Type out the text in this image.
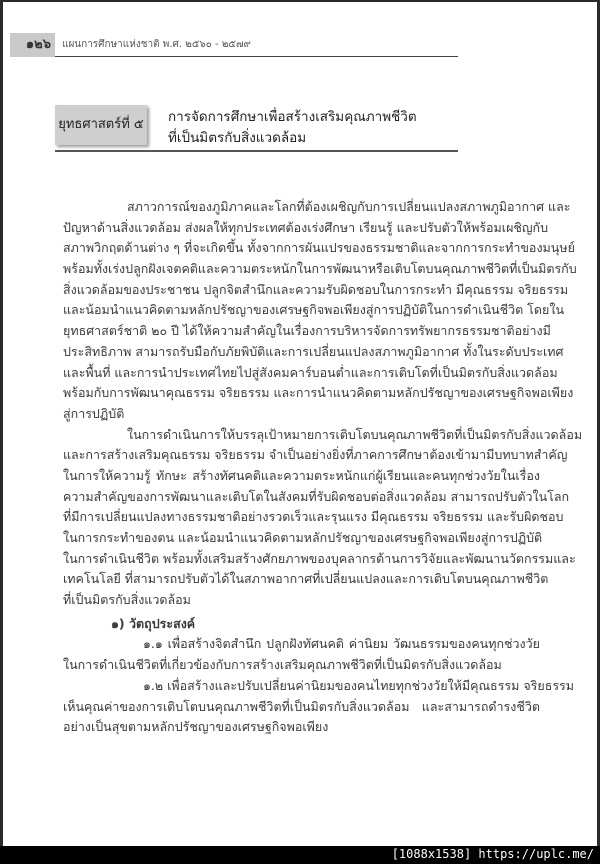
๑๒๖	แผนการศึกษาแห่งชาติ พ.ศ. ๒๕๖๐ - ๒๕๗๙
ยุทธศาสตร์ที่ ๕ การจัดการศึกษาเพื่อสร้างเสริมคุณภาพชีวิต
ที่เป็นมิตรกับสิ่งแวดล้อม
สภาวการณ์ของภูมิภาคและโลกที่ต้องเผชิญกับการเปลี่ยนแปลงสภาพภูมิอากาศ และ
ปัญหาด้านสิ่งแวดล้อม ส่งผลให้ทุกประเทศต้องเร่งศึกษา เรียนรู้ และปรับตัวให้พร้อมเผชิญกับ
สภาพวิกฤตด้านต่าง ๆ ที่จะเกิดขึ้น ทั้งจากการผันแปรของธรรมชาติและจากการกระทำของมนุษย์
พร้อมทั้งเร่งปลูกฝังเจตคติและความตระหนักในการพัฒนาหรือเติบโตบนคุณภาพชีวิตที่เป็นมิตรกับ
สิ่งแวดล้อมของประชาชน ปลูกจิตสำนึกและความรับผิดชอบในการกระทำ มีคุณธรรม จริยธรรม
และน้อมนำแนวคิดตามหลักปรัชญาของเศรษฐกิจพอเพียงสู่การปฏิบัติในการดำเนินชีวิต โดยใน
ยุทธศาสตร์ชาติ ๒๐ ปี ได้ให้ความสำคัญในเรื่องการบริหารจัดการทรัพยากรธรรมชาติอย่างมี
ประสิทธิภาพ สามารถรับมือกับภัยพิบัติและการเปลี่ยนแปลงสภาพภูมิอากาศ ทั้งในระดับประเทศ
และพื้นที่ และการนำประเทศไทยไปสู่สังคมคาร์บอนต่ำและการเติบโตที่เป็นมิตรกับสิ่งแวดล้อม
พร้อมกับการพัฒนาคุณธรรม จริยธรรม และการนำแนวคิดตามหลักปรัชญาของเศรษฐกิจพอเพียง
สู่การปฏิบัติ
ในการดำเนินการให้บรรลุเป้าหมายการเติบโตบนคุณภาพชีวิตที่เป็นมิตรกับสิ่งแวดล้อม
และการสร้างเสริมคุณธรรม จริยธรรม จำเป็นอย่างยิ่งที่ภาคการศึกษาต้องเข้ามามีบทบาทสำคัญ
ในการให้ความรู้ ทักษะ สร้างทัศนคติและความตระหนักแก่ผู้เรียนและคนทุกช่วงวัยในเรื่อง
ความสำคัญของการพัฒนาและเติบโตในสังคมที่รับผิดชอบต่อสิ่งแวดล้อม สามารถปรับตัวในโลก
ที่มีการเปลี่ยนแปลงทางธรรมชาติอย่างรวดเร็วและรุนแรง มีคุณธรรม จริยธรรม และรับผิดชอบ
ในการกระทำของตน และน้อมนำแนวคิดตามหลักปรัชญาของเศรษฐกิจพอเพียงสู่การปฏิบัติ
ในการดำเนินชีวิต พร้อมทั้งเสริมสร้างศักยภาพของบุคลากรด้านการวิจัยและพัฒนานวัตกรรมและ
เทคโนโลยี ที่สามารถปรับตัวได้ในสภาพอากาศที่เปลี่ยนแปลงและการเติบโตบนคุณภาพชีวิต
ที่เป็นมิตรกับสิ่งแวดล้อม
๑) วัตถุประสงค์
๑.๑ เพื่อสร้างจิตสำนึก ปลูกฝังทัศนคติ ค่านิยม วัฒนธรรมของคนทุกช่วงวัย
ในการดำเนินชีวิตที่เกี่ยวข้องกับการสร้างเสริมคุณภาพชีวิตที่เป็นมิตรกับสิ่งแวดล้อม
๑.๒ เพื่อสร้างและปรับเปลี่ยนค่านิยมของคนไทยทุกช่วงวัยให้มีคุณธรรม จริยธรรม
เห็นคุณค่าของการเติบโตบนคุณภาพชีวิตที่เป็นมิตรกับสิ่งแวดล้อม และสามารถดำรงชีวิต
อย่างเป็นสุขตามหลักปรัชญาของเศรษฐกิจพอเพียง
[1088x1538] https://uplc.me/
